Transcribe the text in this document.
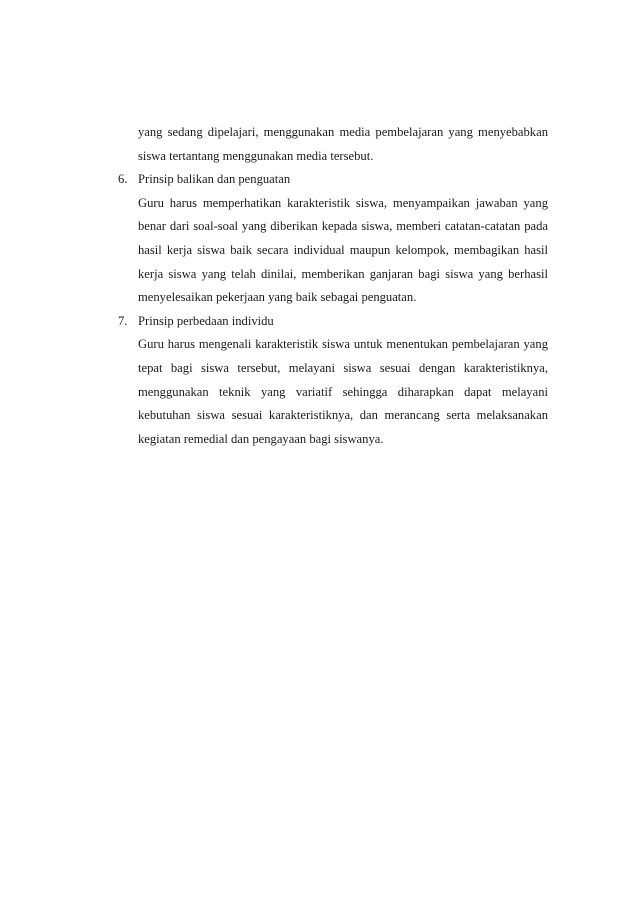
yang sedang dipelajari, menggunakan media pembelajaran yang menyebabkan siswa tertantang menggunakan media tersebut.

6. Prinsip balikan dan penguatan

Guru harus memperhatikan karakteristik siswa, menyampaikan jawaban yang benar dari soal-soal yang diberikan kepada siswa, memberi catatan-catatan pada hasil kerja siswa baik secara individual maupun kelompok, membagikan hasil kerja siswa yang telah dinilai, memberikan ganjaran bagi siswa yang berhasil menyelesaikan pekerjaan yang baik sebagai penguatan.

7. Prinsip perbedaan individu

Guru harus mengenali karakteristik siswa untuk menentukan pembelajaran yang tepat bagi siswa tersebut, melayani siswa sesuai dengan karakteristiknya, menggunakan teknik yang variatif sehingga diharapkan dapat melayani kebutuhan siswa sesuai karakteristiknya, dan merancang serta melaksanakan kegiatan remedial dan pengayaan bagi siswanya.
